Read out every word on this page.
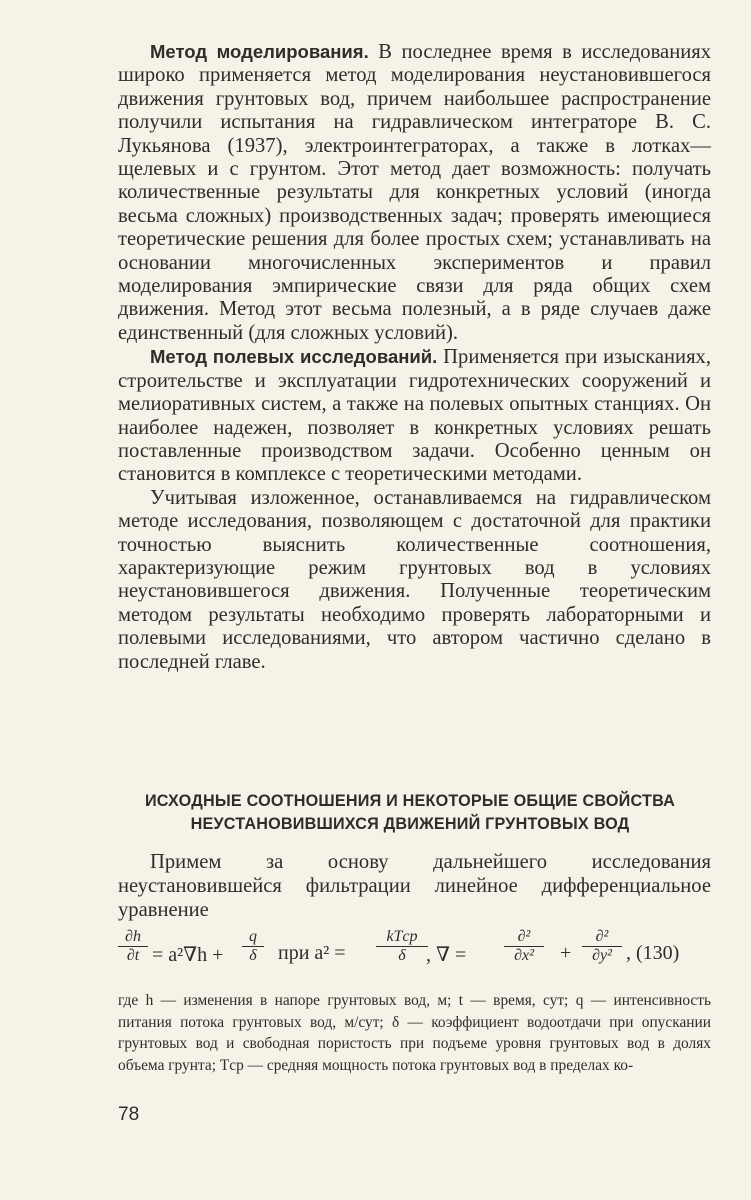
Метод моделирования. В последнее время в исследованиях широко применяется метод моделирования неустановившегося движения грунтовых вод, причем наибольшее распространение получили испытания на гидравлическом интеграторе В. С. Лукьянова (1937), электроинтеграторах, а также в лотках—щелевых и с грунтом. Этот метод дает возможность: получать количественные результаты для конкретных условий (иногда весьма сложных) производственных задач; проверять имеющиеся теоретические решения для более простых схем; устанавливать на основании многочисленных экспериментов и правил моделирования эмпирические связи для ряда общих схем движения. Метод этот весьма полезный, а в ряде случаев даже единственный (для сложных условий).

Метод полевых исследований. Применяется при изысканиях, строительстве и эксплуатации гидротехнических сооружений и мелиоративных систем, а также на полевых опытных станциях. Он наиболее надежен, позволяет в конкретных условиях решать поставленные производством задачи. Особенно ценным он становится в комплексе с теоретическими методами.

Учитывая изложенное, останавливаемся на гидравлическом методе исследования, позволяющем с достаточной для практики точностью выяснить количественные соотношения, характеризующие режим грунтовых вод в условиях неустановившегося движения. Полученные теоретическим методом результаты необходимо проверять лабораторными и полевыми исследованиями, что автором частично сделано в последней главе.

ИСХОДНЫЕ СООТНОШЕНИЯ И НЕКОТОРЫЕ ОБЩИЕ СВОЙСТВА
НЕУСТАНОВИВШИХСЯ ДВИЖЕНИЙ ГРУНТОВЫХ ВОД

Примем за основу дальнейшего исследования неустановившейся фильтрации линейное дифференциальное уравнение

∂h
∂t = a²∇h +
q
δ	при a² =
kTср
δ	, ∇ =
∂²
∂x²	+
∂²
∂y² , (130)

где h — изменения в напоре грунтовых вод, м; t — время, сут; q — интенсивность питания потока грунтовых вод, м/сут; δ — коэффициент водоотдачи при опускании грунтовых вод и свободная пористость при подъеме уровня грунтовых вод в долях объема грунта; Tср — средняя мощность потока грунтовых вод в пределах ко-

78
